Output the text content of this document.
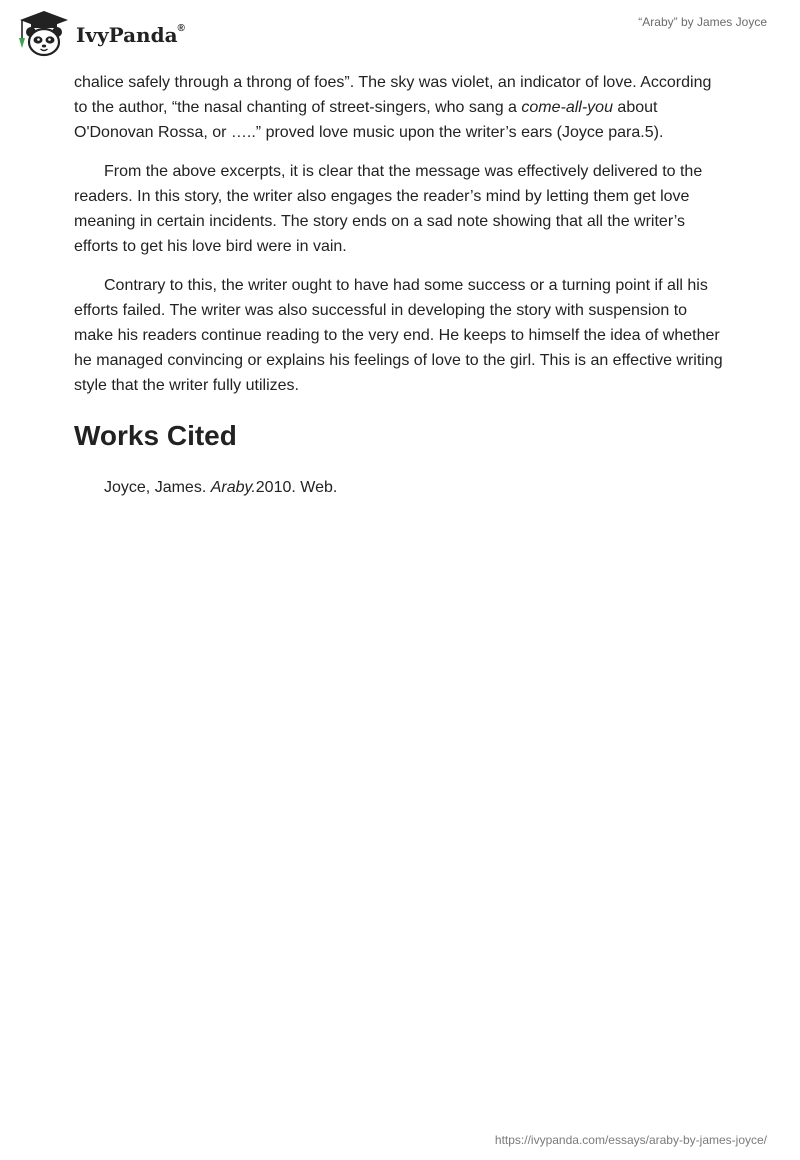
IvyPanda®	“Araby” by James Joyce

chalice safely through a throng of foes”. The sky was violet, an indicator of love. According to the author, “the nasal chanting of street-singers, who sang a come-all-you about O'Donovan Rossa, or …..” proved love music upon the writer’s ears (Joyce para.5).

From the above excerpts, it is clear that the message was effectively delivered to the readers. In this story, the writer also engages the reader’s mind by letting them get love meaning in certain incidents. The story ends on a sad note showing that all the writer’s efforts to get his love bird were in vain.

Contrary to this, the writer ought to have had some success or a turning point if all his efforts failed. The writer was also successful in developing the story with suspension to make his readers continue reading to the very end. He keeps to himself the idea of whether he managed convincing or explains his feelings of love to the girl. This is an effective writing style that the writer fully utilizes.

Works Cited

Joyce, James. Araby.2010. Web.

https://ivypanda.com/essays/araby-by-james-joyce/
